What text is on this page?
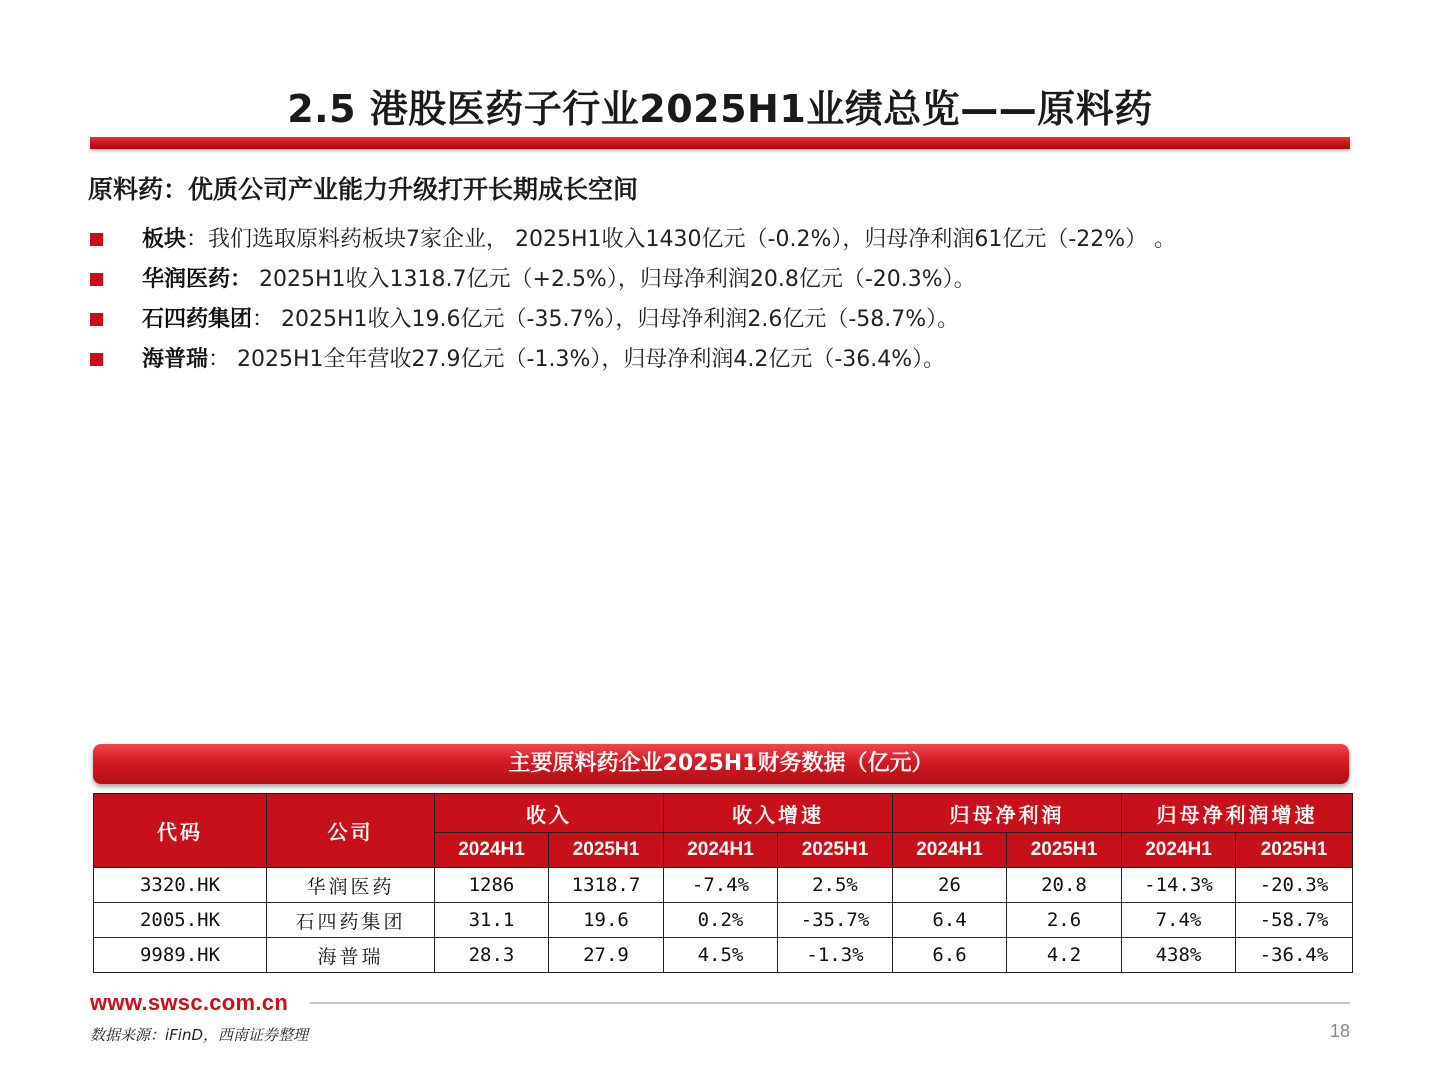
2.5 港股医药子行业2025H1业绩总览——原料药
原料药：优质公司产业能力升级打开长期成长空间
板块：我们选取原料药板块7家企业， 2025H1收入1430亿元（-0.2%），归母净利润61亿元（-22%） 。
华润医药： 2025H1收入1318.7亿元（+2.5%），归母净利润20.8亿元（-20.3%）。
石四药集团： 2025H1收入19.6亿元（-35.7%），归母净利润2.6亿元（-58.7%）。
海普瑞： 2025H1全年营收27.9亿元（-1.3%），归母净利润4.2亿元（-36.4%）。
主要原料药企业2025H1财务数据（亿元）
代码	公司	收入		收入增速		归母净利润		归母净利润增速	
		2024H1	2025H1	2024H1	2025H1	2024H1	2025H1	2024H1	2025H1
3320.HK	华润医药	1286	1318.7	-7.4%	2.5%	26	20.8	-14.3%	-20.3%
2005.HK	石四药集团	31.1	19.6	0.2%	-35.7%	6.4	2.6	7.4%	-58.7%
9989.HK	海普瑞	28.3	27.9	4.5%	-1.3%	6.6	4.2	438%	-36.4%
www.swsc.com.cn
数据来源：iFinD，西南证券整理	18
